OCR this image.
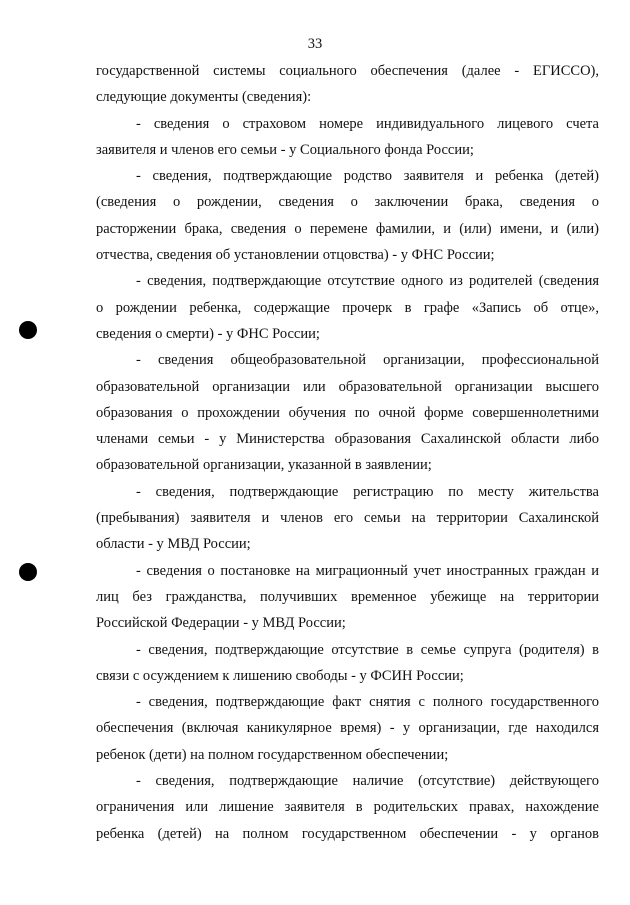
33
государственной системы социального обеспечения (далее - ЕГИССО),
следующие документы (сведения):
- сведения о страховом номере индивидуального лицевого счета
заявителя и членов его семьи - у Социального фонда России;
- сведения, подтверждающие родство заявителя и ребенка (детей)
(сведения о рождении, сведения о заключении брака, сведения о
расторжении брака, сведения о перемене фамилии, и (или) имени, и (или)
отчества, сведения об установлении отцовства) - у ФНС России;
- сведения, подтверждающие отсутствие одного из родителей (сведения
о рождении ребенка, содержащие прочерк в графе «Запись об отце»,
сведения о смерти) - у ФНС России;
- сведения общеобразовательной организации, профессиональной
образовательной организации или образовательной организации высшего
образования о прохождении обучения по очной форме совершеннолетними
членами семьи - у Министерства образования Сахалинской области либо
образовательной организации, указанной в заявлении;
- сведения, подтверждающие регистрацию по месту жительства
(пребывания) заявителя и членов его семьи на территории Сахалинской
области - у МВД России;
- сведения о постановке на миграционный учет иностранных граждан и
лиц без гражданства, получивших временное убежище на территории
Российской Федерации - у МВД России;
- сведения, подтверждающие отсутствие в семье супруга (родителя) в
связи с осуждением к лишению свободы - у ФСИН России;
- сведения, подтверждающие факт снятия с полного государственного
обеспечения (включая каникулярное время) - у организации, где находился
ребенок (дети) на полном государственном обеспечении;
- сведения, подтверждающие наличие (отсутствие) действующего
ограничения или лишение заявителя в родительских правах, нахождение
ребенка (детей) на полном государственном обеспечении - у органов
